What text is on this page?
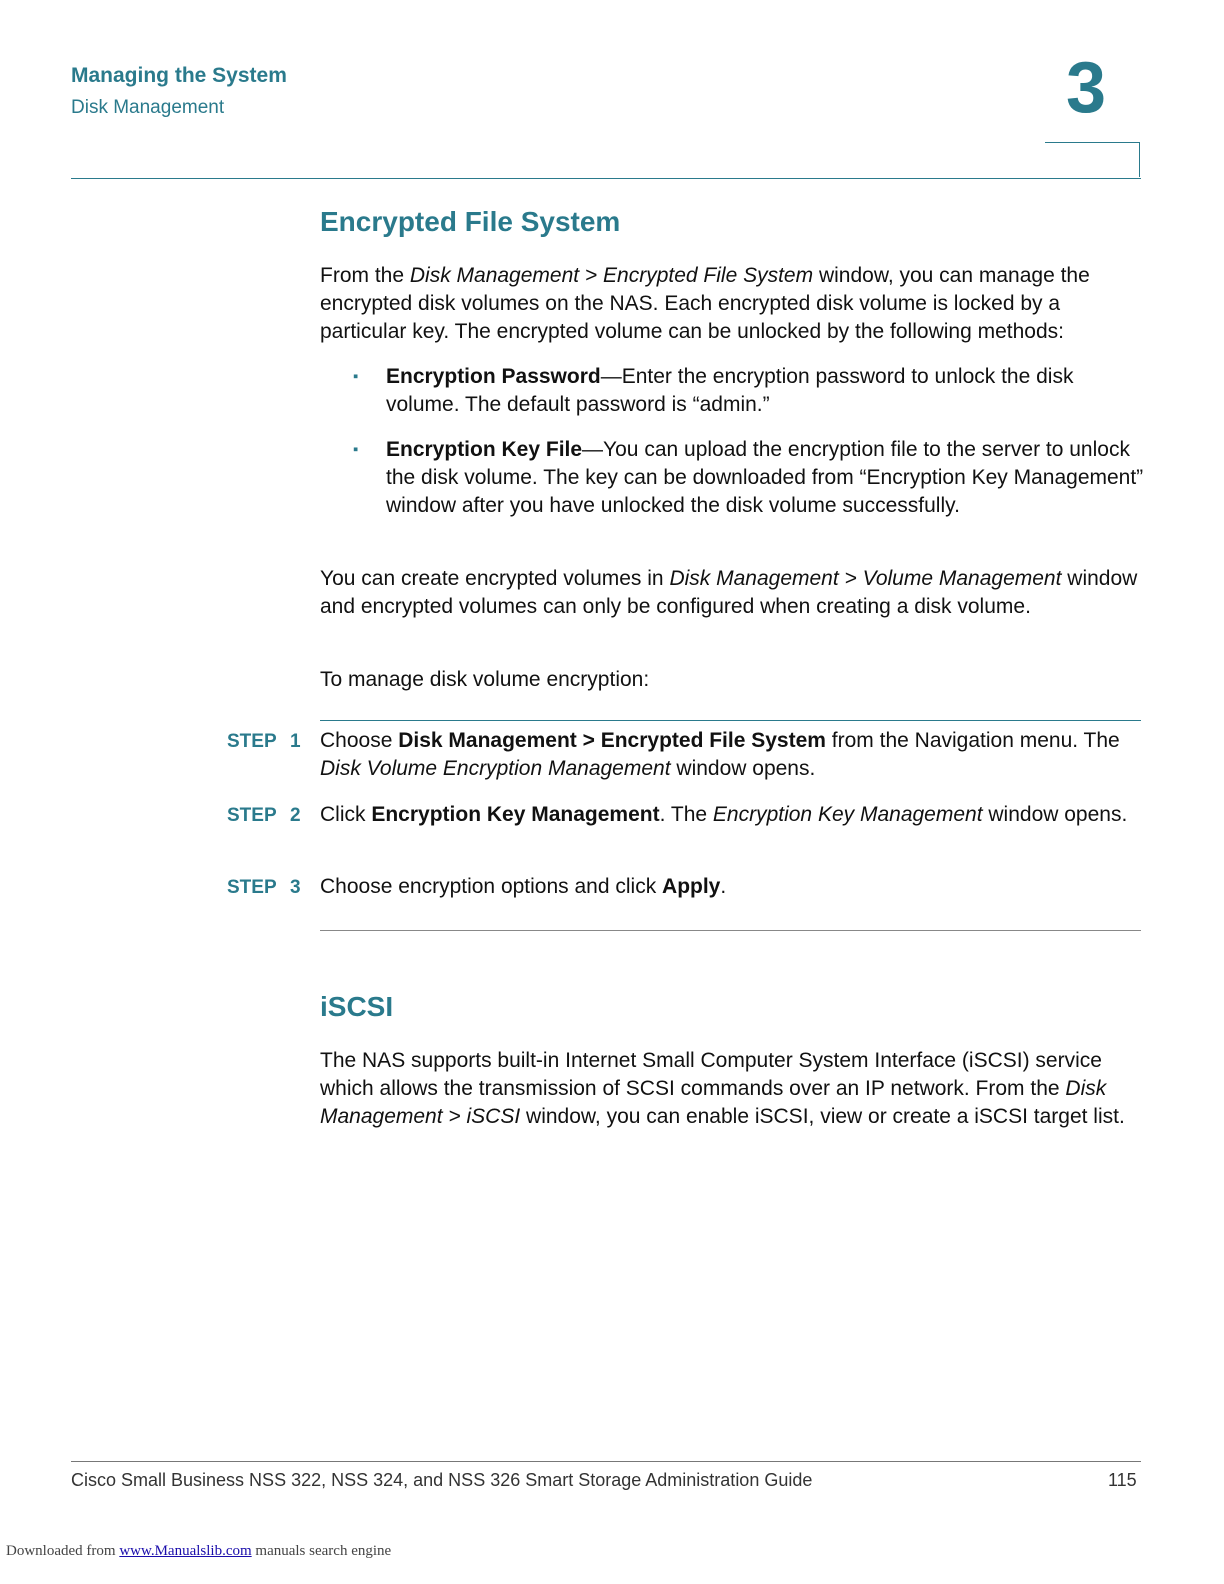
Managing the System
Disk Management	3
Encrypted File System

From the Disk Management > Encrypted File System window, you can manage the encrypted disk volumes on the NAS. Each encrypted disk volume is locked by a particular key. The encrypted volume can be unlocked by the following methods:

▪ Encryption Password—Enter the encryption password to unlock the disk volume. The default password is “admin.”

▪ Encryption Key File—You can upload the encryption file to the server to unlock the disk volume. The key can be downloaded from “Encryption Key Management” window after you have unlocked the disk volume successfully.

You can create encrypted volumes in Disk Management > Volume Management window and encrypted volumes can only be configured when creating a disk volume.

To manage disk volume encryption:

STEP 1 Choose Disk Management > Encrypted File System from the Navigation menu. The Disk Volume Encryption Management window opens.

STEP 2 Click Encryption Key Management. The Encryption Key Management window opens.

STEP 3 Choose encryption options and click Apply.

iSCSI

The NAS supports built-in Internet Small Computer System Interface (iSCSI) service which allows the transmission of SCSI commands over an IP network. From the Disk Management > iSCSI window, you can enable iSCSI, view or create a iSCSI target list.

Cisco Small Business NSS 322, NSS 324, and NSS 326 Smart Storage Administration Guide	115
Downloaded from www.Manualslib.com manuals search engine
